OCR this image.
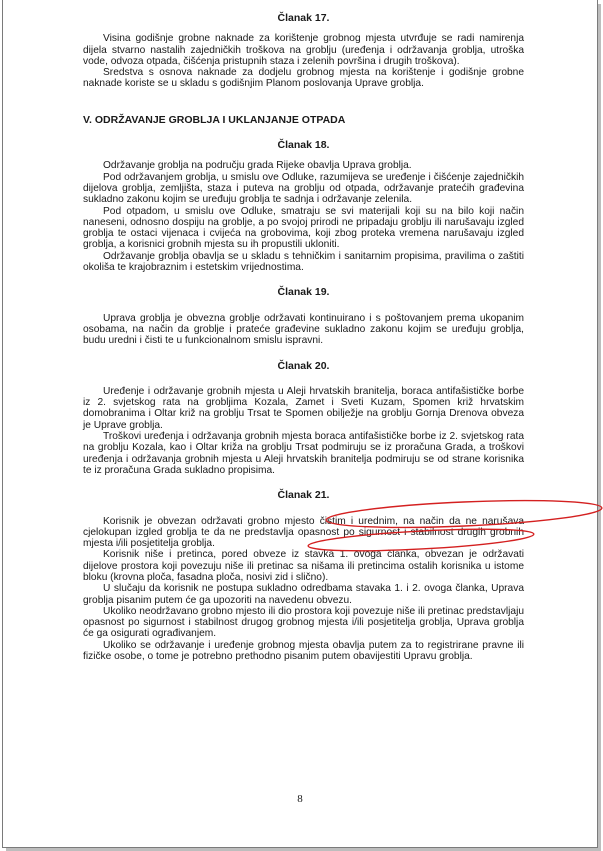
Članak 17.

Visina godišnje grobne naknade za korištenje grobnog mjesta utvrđuje se radi namirenja dijela stvarno nastalih zajedničkih troškova na groblju (uređenja i održavanja groblja, utroška vode, odvoza otpada, čišćenja pristupnih staza i zelenih površina i drugih troškova).

Sredstva s osnova naknade za dodjelu grobnog mjesta na korištenje i godišnje grobne naknade koriste se u skladu s godišnjim Planom poslovanja Uprave groblja.

V. ODRŽAVANJE GROBLJA I UKLANJANJE OTPADA
Članak 18.

Održavanje groblja na području grada Rijeke obavlja Uprava groblja.

Pod održavanjem groblja, u smislu ove Odluke, razumijeva se uređenje i čišćenje zajedničkih dijelova groblja, zemljišta, staza i puteva na groblju od otpada, održavanje pratećih građevina sukladno zakonu kojim se uređuju groblja te sadnja i održavanje zelenila.

Pod otpadom, u smislu ove Odluke, smatraju se svi materijali koji su na bilo koji način naneseni, odnosno dospiju na groblje, a po svojoj prirodi ne pripadaju groblju ili narušavaju izgled groblja te ostaci vijenaca i cvijeća na grobovima, koji zbog proteka vremena narušavaju izgled groblja, a korisnici grobnih mjesta su ih propustili ukloniti.

Održavanje groblja obavlja se u skladu s tehničkim i sanitarnim propisima, pravilima o zaštiti okoliša te krajobraznim i estetskim vrijednostima.

Članak 19.

Uprava groblja je obvezna groblje održavati kontinuirano i s poštovanjem prema ukopanim osobama, na način da groblje i prateće građevine sukladno zakonu kojim se uređuju groblja, budu uredni i čisti te u funkcionalnom smislu ispravni.

Članak 20.

Uređenje i održavanje grobnih mjesta u Aleji hrvatskih branitelja, boraca antifašističke borbe iz 2. svjetskog rata na grobljima Kozala, Zamet i Sveti Kuzam, Spomen križ hrvatskim domobranima i Oltar križ na groblju Trsat te Spomen obilježje na groblju Gornja Drenova obveza je Uprave groblja.

Troškovi uređenja i održavanja grobnih mjesta boraca antifašističke borbe iz 2. svjetskog rata na groblju Kozala, kao i Oltar križa na groblju Trsat podmiruju se iz proračuna Grada, a troškovi uređenja i održavanja grobnih mjesta u Aleji hrvatskih branitelja podmiruju se od strane korisnika te iz proračuna Grada sukladno propisima.

Članak 21.

Korisnik je obvezan održavati grobno mjesto čistim i urednim, na način da ne narušava cjelokupan izgled groblja te da ne predstavlja opasnost po sigurnost i stabilnost drugih grobnih mjesta i/ili posjetitelja groblja.

Korisnik niše i pretinca, pored obveze iz stavka 1. ovoga članka, obvezan je održavati dijelove prostora koji povezuju niše ili pretinac sa nišama ili pretincima ostalih korisnika u istome bloku (krovna ploča, fasadna ploča, nosivi zid i slično).

U slučaju da korisnik ne postupa sukladno odredbama stavaka 1. i 2. ovoga članka, Uprava groblja pisanim putem će ga upozoriti na navedenu obvezu.

Ukoliko neodržavano grobno mjesto ili dio prostora koji povezuje niše ili pretinac predstavljaju opasnost po sigurnost i stabilnost drugog grobnog mjesta i/ili posjetitelja groblja, Uprava groblja će ga osigurati ograđivanjem.

Ukoliko se održavanje i uređenje grobnog mjesta obavlja putem za to registrirane pravne ili fizičke osobe, o tome je potrebno prethodno pisanim putem obavijestiti Upravu groblja.

8
